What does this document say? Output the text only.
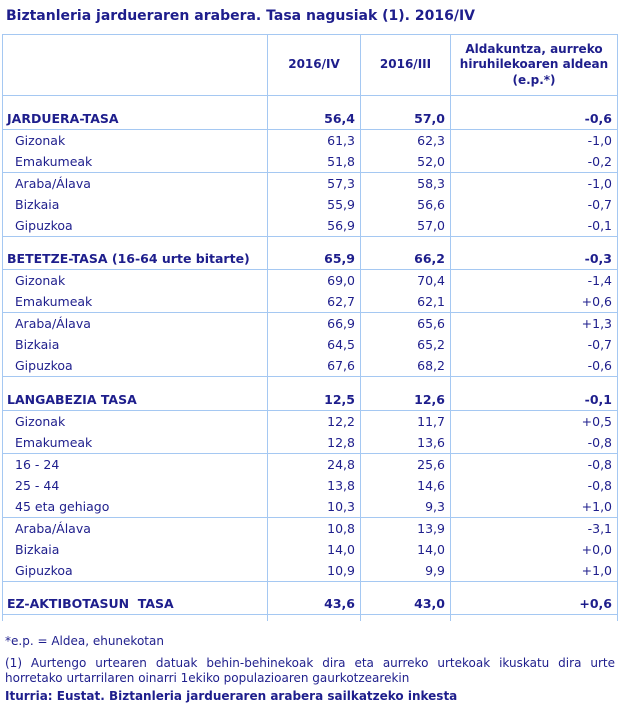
Biztanleria jardueraren arabera. Tasa nagusiak (1). 2016/IV
	2016/IV	2016/III	Aldakuntza, aurreko hiruhilekoaren aldean (e.p.*)

JARDUERA-TASA	56,4	57,0	-0,6
Gizonak	61,3	62,3	-1,0
Emakumeak	51,8	52,0	-0,2
Araba/Álava	57,3	58,3	-1,0
Bizkaia	55,9	56,6	-0,7
Gipuzkoa	56,9	57,0	-0,1

BETETZE-TASA (16-64 urte bitarte)	65,9	66,2	-0,3
Gizonak	69,0	70,4	-1,4
Emakumeak	62,7	62,1	+0,6
Araba/Álava	66,9	65,6	+1,3
Bizkaia	64,5	65,2	-0,7
Gipuzkoa	67,6	68,2	-0,6

LANGABEZIA TASA	12,5	12,6	-0,1
Gizonak	12,2	11,7	+0,5
Emakumeak	12,8	13,6	-0,8
16 - 24	24,8	25,6	-0,8
25 - 44	13,8	14,6	-0,8
45 eta gehiago	10,3	9,3	+1,0
Araba/Álava	10,8	13,9	-3,1
Bizkaia	14,0	14,0	+0,0
Gipuzkoa	10,9	9,9	+1,0

EZ-AKTIBOTASUN  TASA	43,6	43,0	+0,6

*e.p. = Aldea, ehunekotan
(1) Aurtengo urtearen datuak behin-behinekoak dira eta aurreko urtekoak ikuskatu dira urte horretako urtarrilaren oinarri 1ekiko populazioaren gaurkotzearekin
Iturria: Eustat. Biztanleria jardueraren arabera sailkatzeko inkesta
